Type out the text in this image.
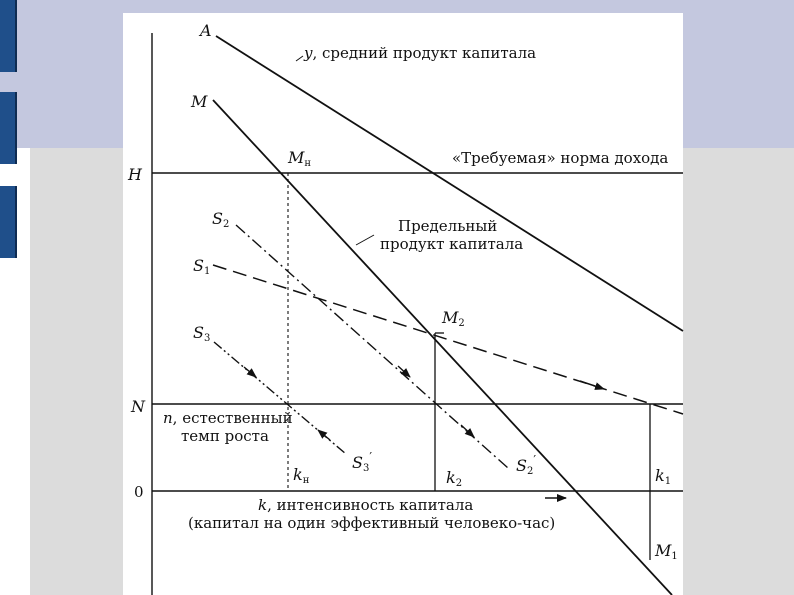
H
N
0
A
y, средний продукт капитала
M
Mн	«Требуемая» норма дохода
Предельный
продукт капитала
S2
S1
S3
M2
n, естественный
темп роста
S3′	S2′
kн	k2	k1
M1
k, интенсивность капитала
(капитал на один эффективный человеко-час)
